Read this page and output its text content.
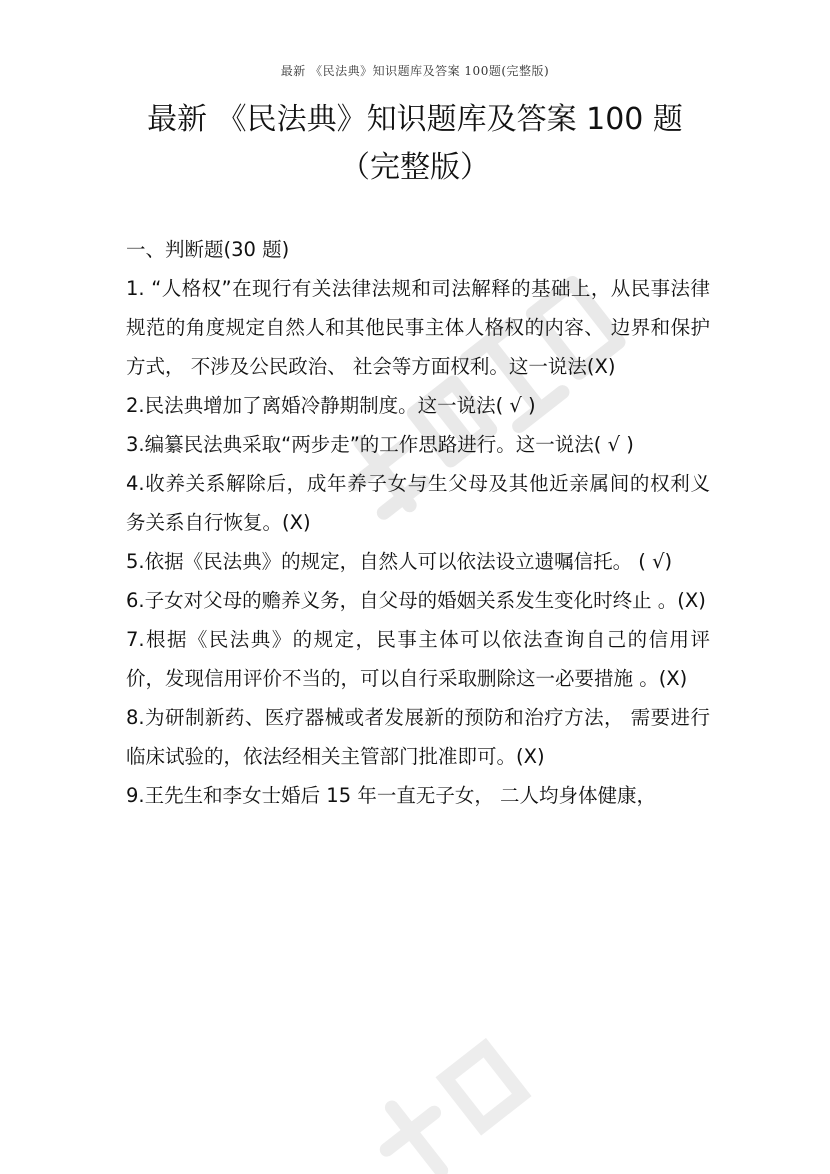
最新 《民法典》知识题库及答案 100题(完整版)
最新 《民法典》知识题库及答案 100 题
（完整版）
一、判断题(30 题)

1. “人格权”在现行有关法律法规和司法解释的基础上，从民事法律规范的角度规定自然人和其他民事主体人格权的内容、 边界和保护方式， 不涉及公民政治、 社会等方面权利。这一说法(X)

2.民法典增加了离婚冷静期制度。这一说法( √ )

3.编纂民法典采取“两步走”的工作思路进行。这一说法( √ )

4.收养关系解除后，成年养子女与生父母及其他近亲属间的权利义务关系自行恢复。(X)

5.依据《民法典》的规定，自然人可以依法设立遗嘱信托。 ( √)

6.子女对父母的赡养义务，自父母的婚姻关系发生变化时终止 。(X)

7.根据《民法典》的规定，民事主体可以依法查询自己的信用评价，发现信用评价不当的，可以自行采取删除这一必要措施 。(X)

8.为研制新药、医疗器械或者发展新的预防和治疗方法， 需要进行临床试验的，依法经相关主管部门批准即可。(X)

9.王先生和李女士婚后 15 年一直无子女， 二人均身体健康，
